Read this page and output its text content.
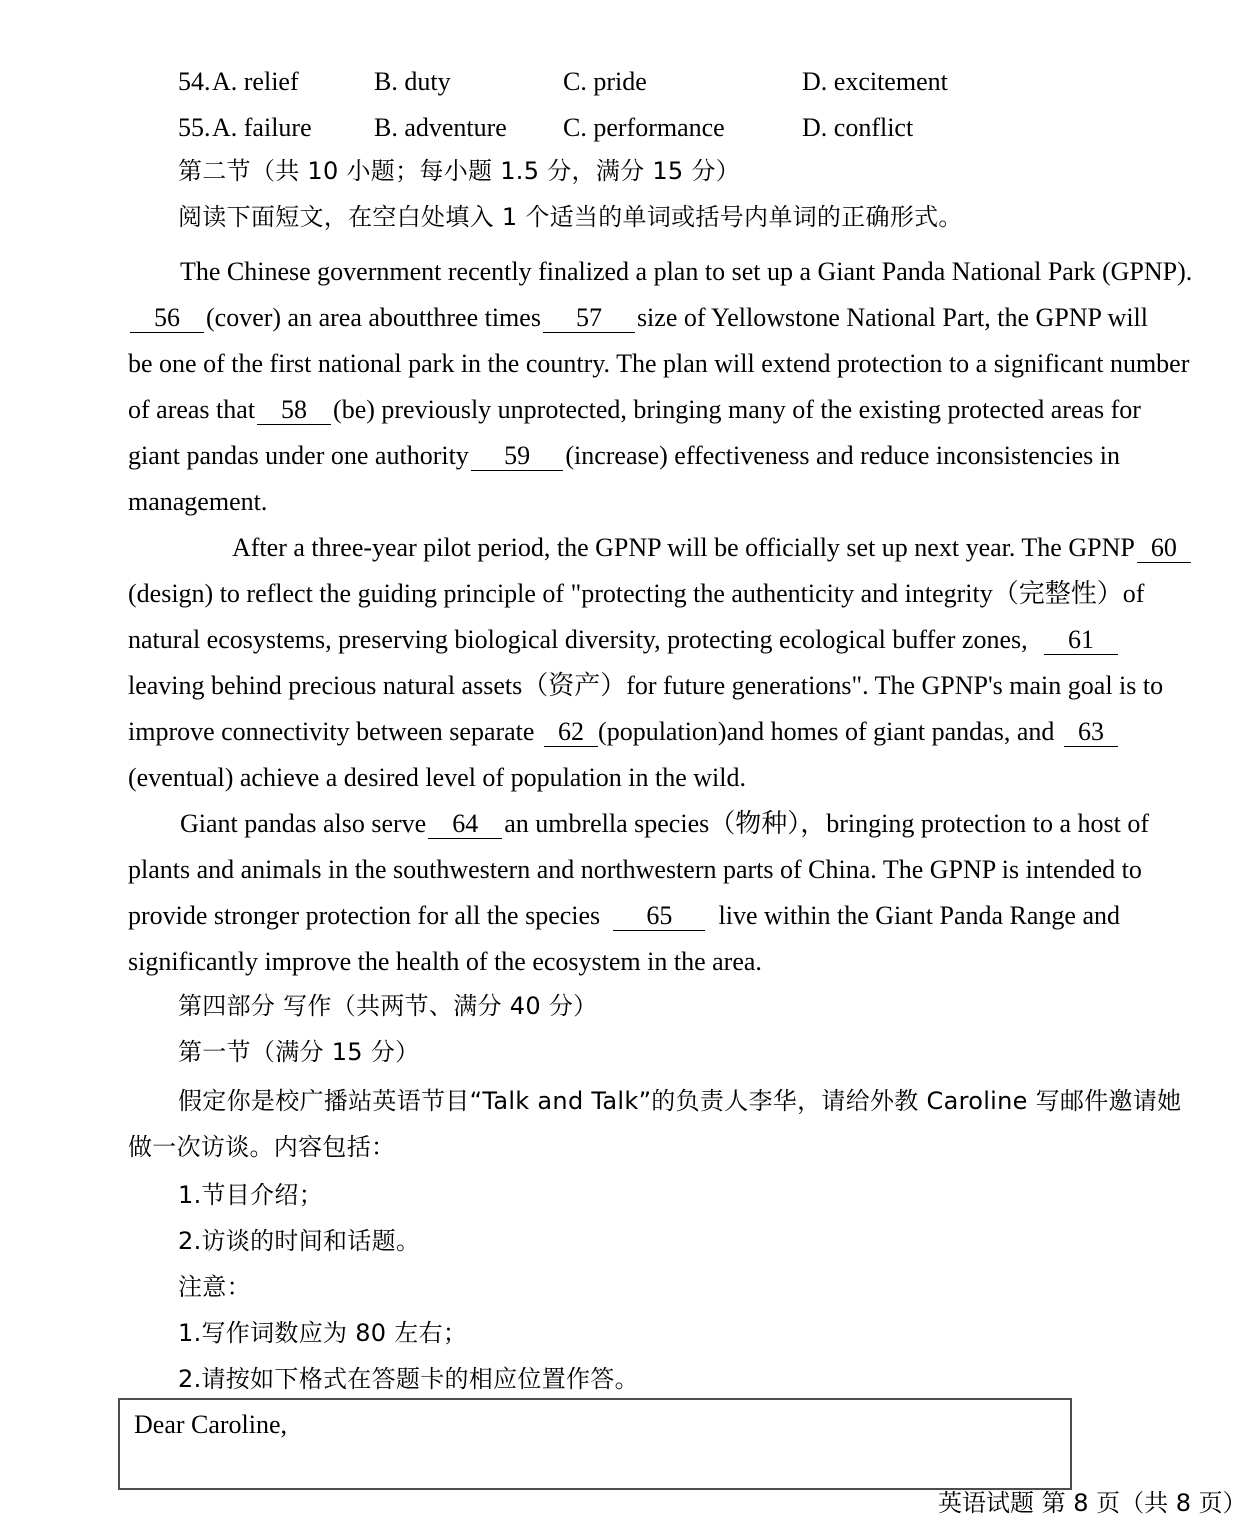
54. A. relief	B. duty	C. pride	D. excitement
55. A. failure B. adventure C. performance	D. conflict
第二节（共 10 小题；每小题 1.5 分，满分 15 分）
阅读下面短文，在空白处填入 1 个适当的单词或括号内单词的正确形式。
The Chinese government recently finalized a plan to set up a Giant Panda National Park (GPNP).
56	(cover) an area about three times	57	size of Yellowstone National Part, the GPNP will
be one of the first national park in the country. The plan will extend protection to a significant number
of areas that	58	(be) previously unprotected, bringing many of the existing protected areas for
giant pandas under one authority	59	(increase) effectiveness and reduce inconsistencies in
management.
After a three-year pilot period, the GPNP will be officially set up next year. The GPNP 60
(design) to reflect the guiding principle of "protecting the authenticity and integrity（完整性）of
natural ecosystems, preserving biological diversity, protecting ecological buffer zones,	61
leaving behind precious natural assets（资产）for future generations". The GPNP's main goal is to
improve connectivity between separate 62 (population)and homes of giant pandas, and 63
(eventual) achieve a desired level of population in the wild.
Giant pandas also serve	64	an umbrella species（物种），bringing protection to a host of
plants and animals in the southwestern and northwestern parts of China. The GPNP is intended to
provide stronger protection for all the species	65	live within the Giant Panda Range and
significantly improve the health of the ecosystem in the area.
第四部分 写作（共两节、满分 40 分）
第一节（满分 15 分）
假定你是校广播站英语节目“Talk and Talk”的负责人李华，请给外教 Caroline 写邮件邀请她
做一次访谈。内容包括：
1.节目介绍；
2.访谈的时间和话题。
注意：
1.写作词数应为 80 左右；
2.请按如下格式在答题卡的相应位置作答。
Dear Caroline,
英语试题 第 8 页（共 8 页）
